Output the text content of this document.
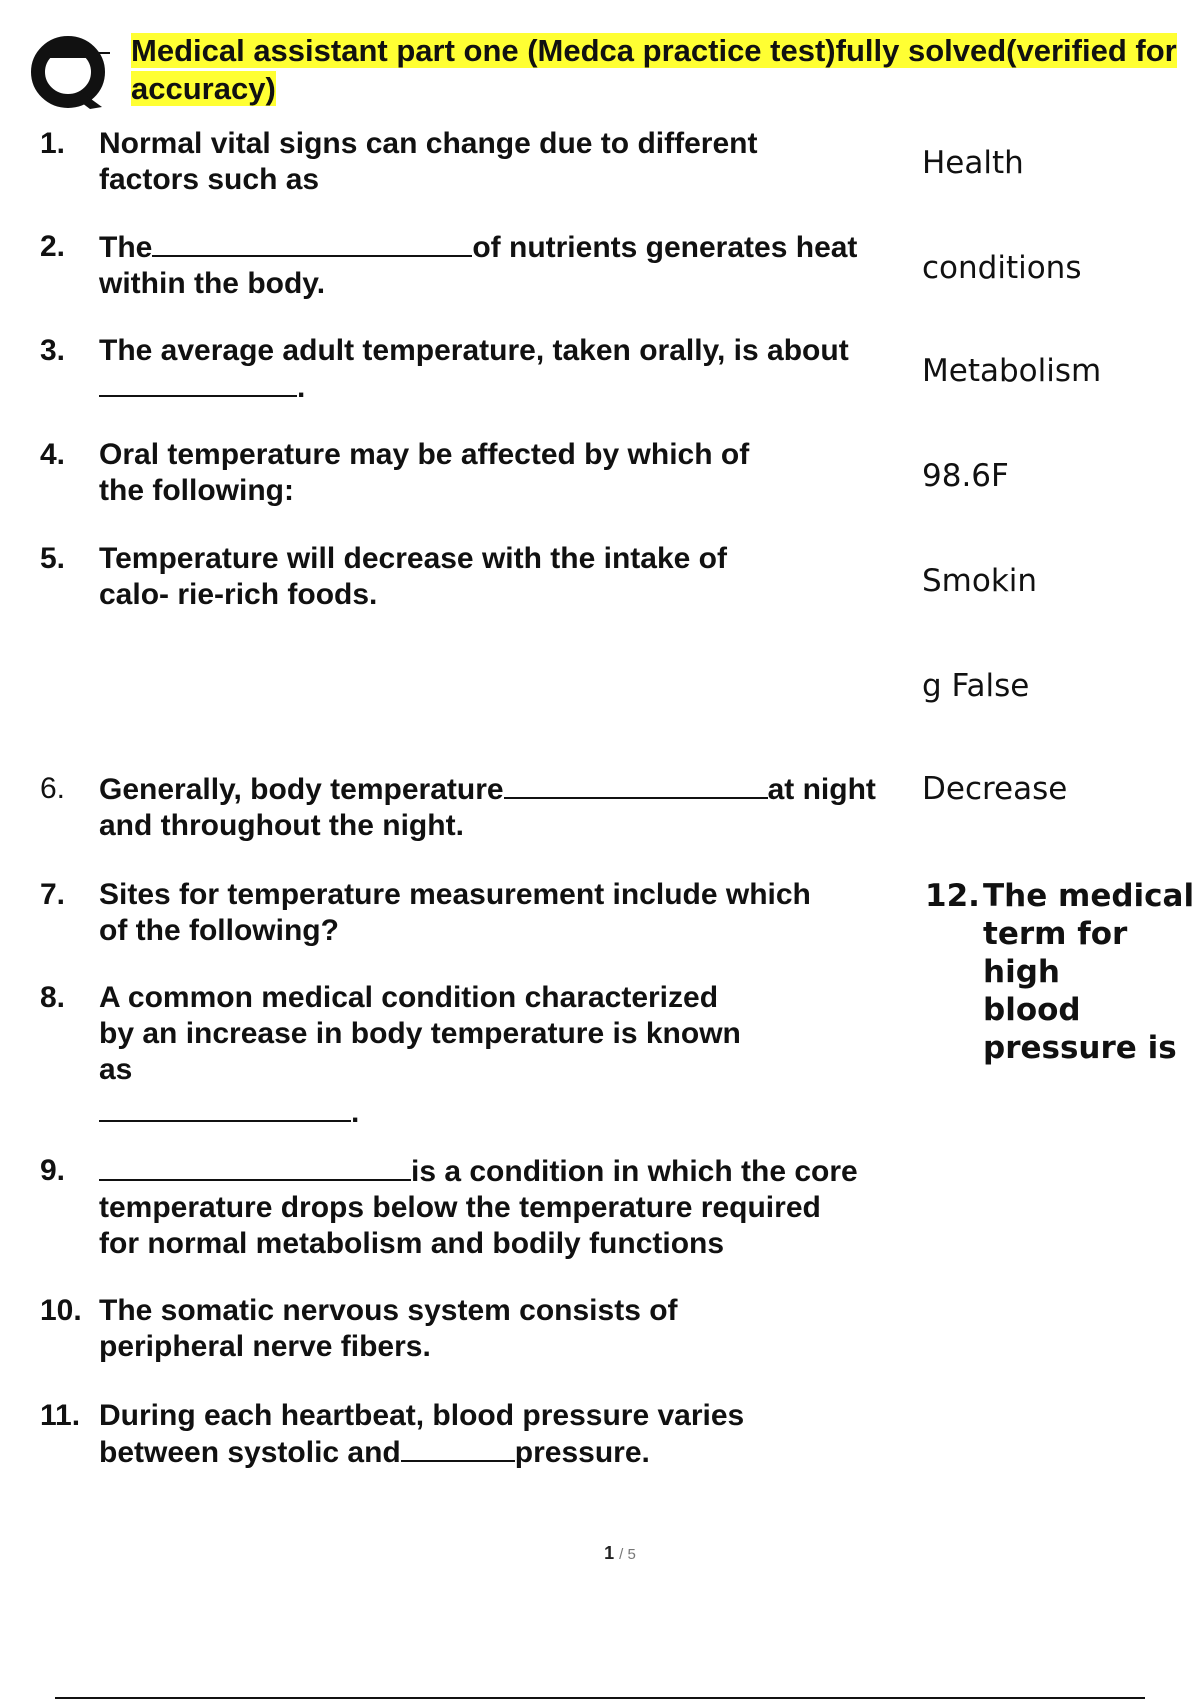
Medical assistant part one (Medca practice test)fully solved(verified for accuracy)
1. Normal vital signs can change due to different
factors such as
2. The	of nutrients generates heat
within the body.
3. The average adult temperature, taken orally, is about
.
4. Oral temperature may be affected by which of
the following:
5. Temperature will decrease with the intake of
calo- rie-rich foods.
6. Generally, body temperature	at night
and throughout the night.
7. Sites for temperature measurement include which
of the following?
8. A common medical condition characterized
by an increase in body temperature is known
as
.
9.	is a condition in which the core
temperature drops below the temperature required
for normal metabolism and bodily functions
10. The somatic nervous system consists of
peripheral nerve fibers.
11. During each heartbeat, blood pressure varies
between systolic and	pressure.
12. The medical
term for high
blood
pressure is
Health
conditions
Metabolism
98.6F
Smokin
g False
Decrease
1 / 5
